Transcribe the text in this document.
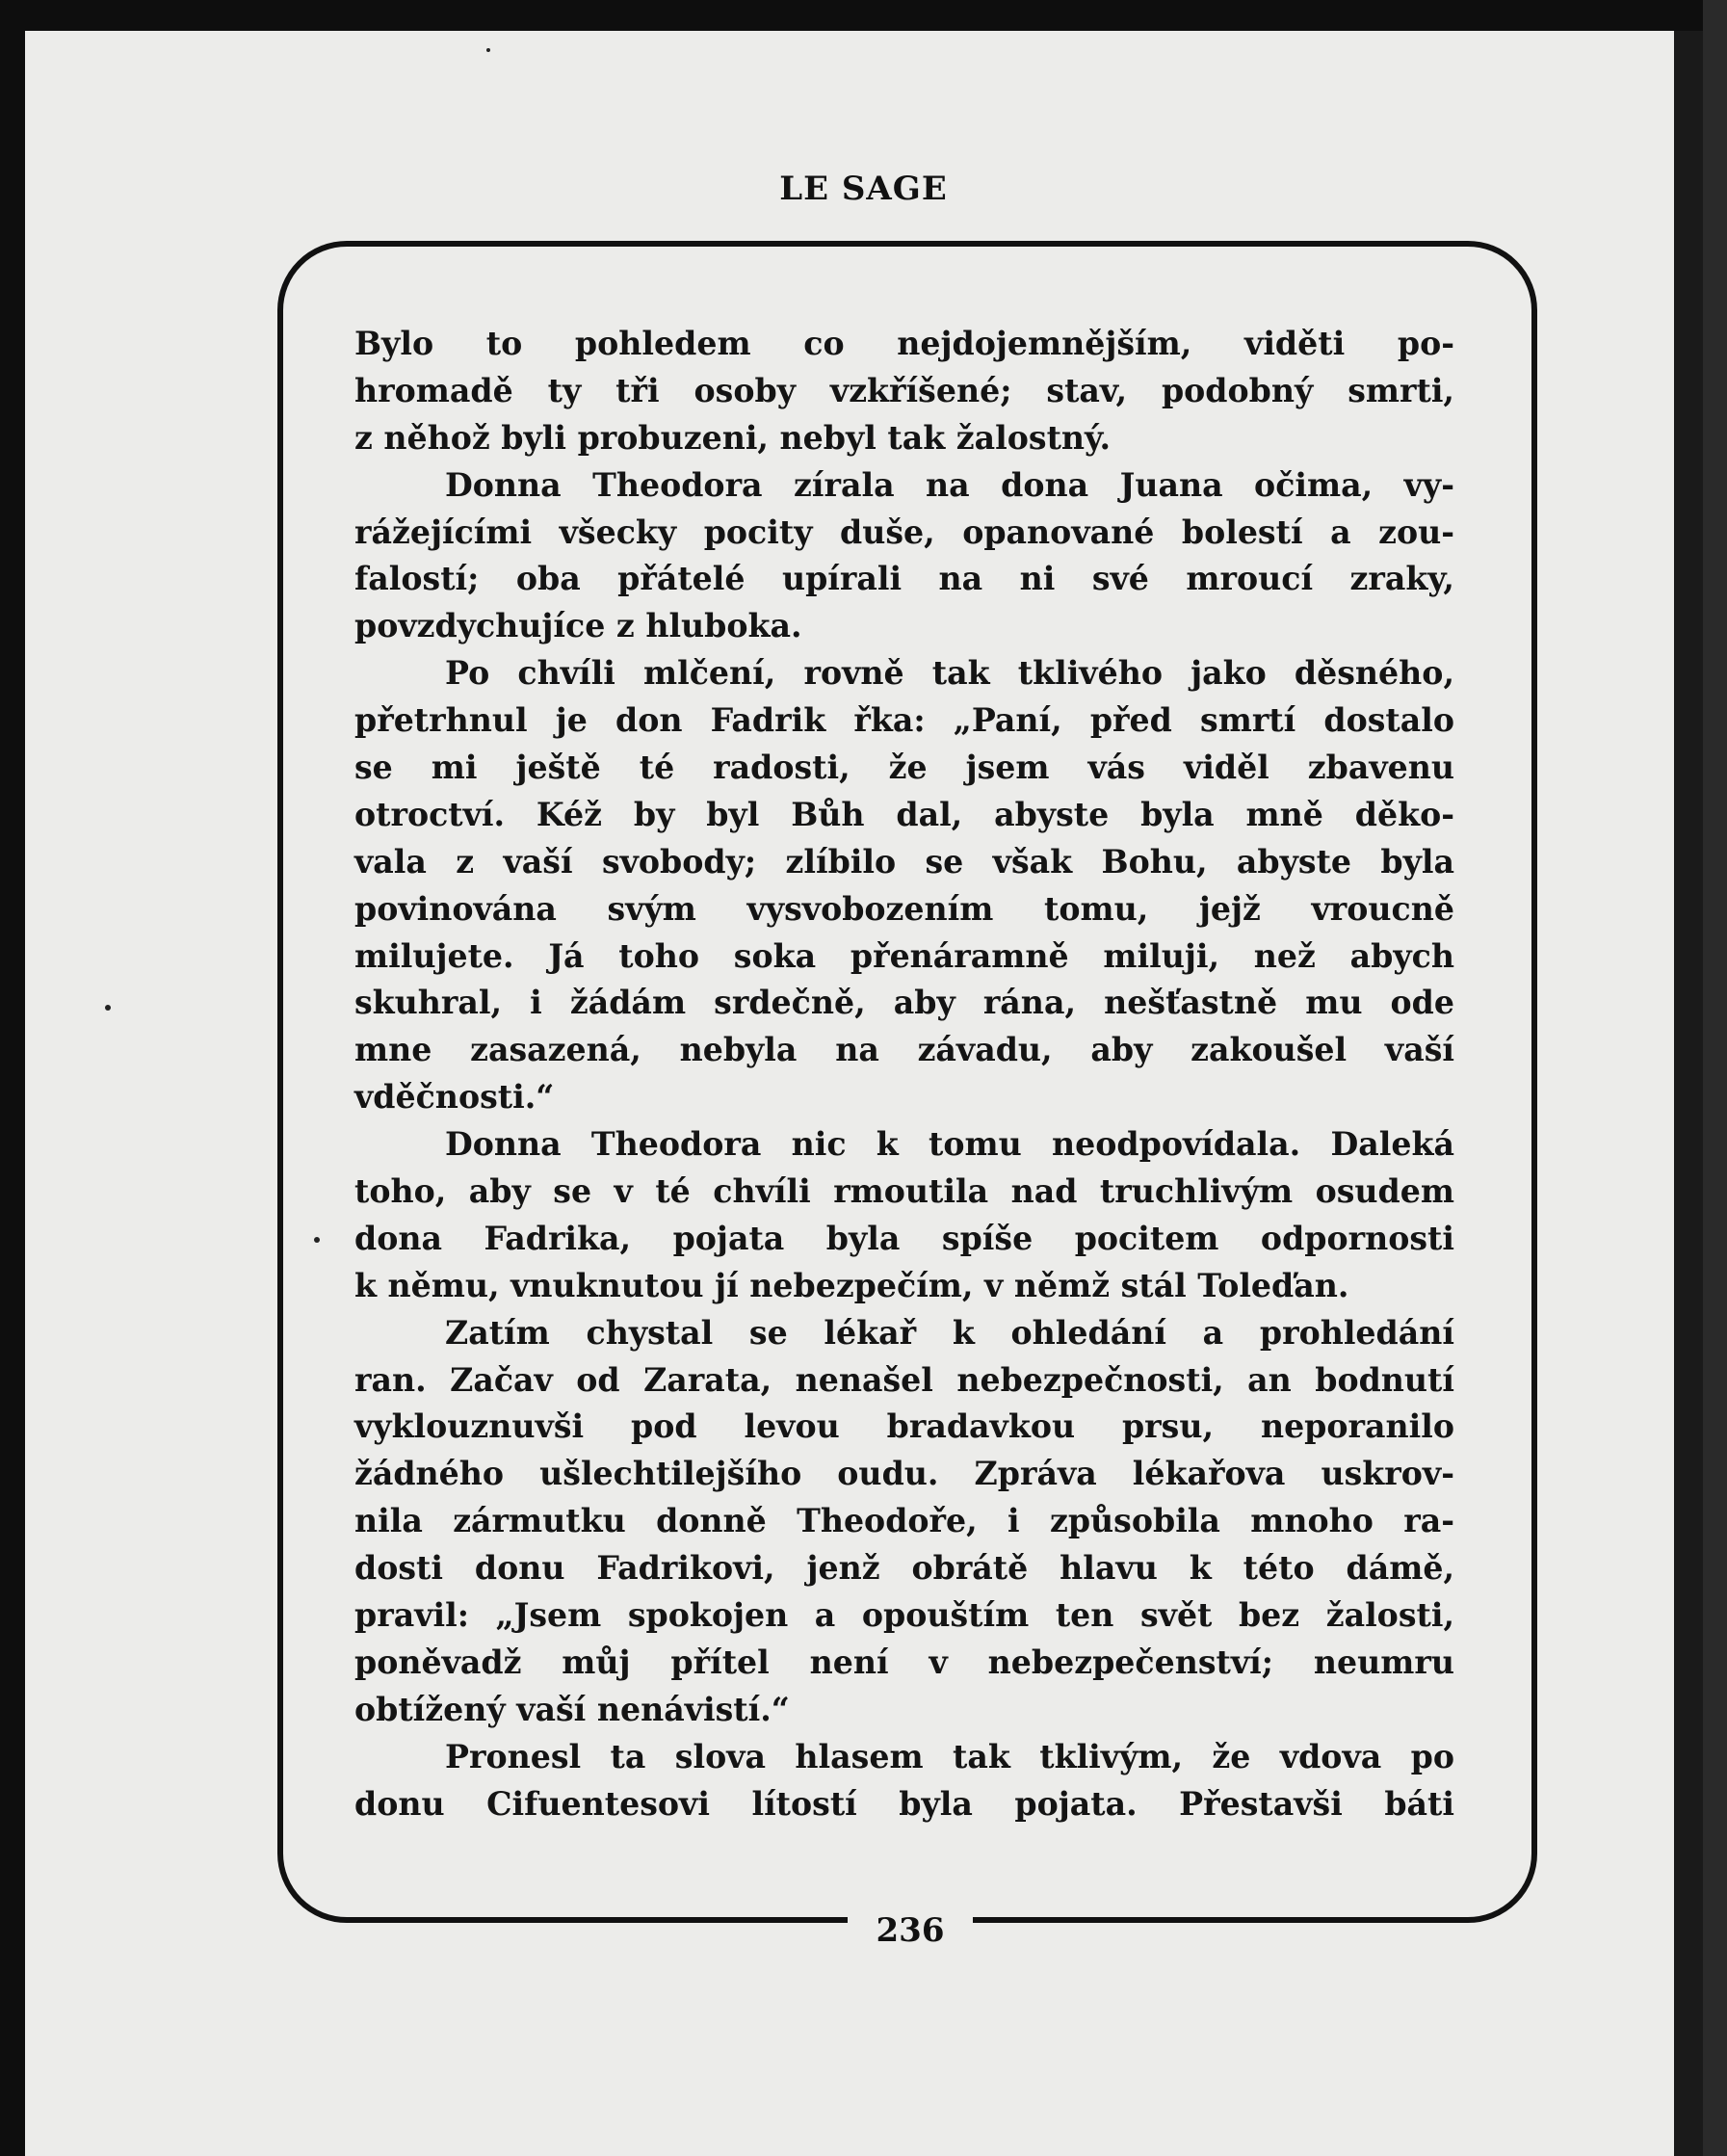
LE SAGE
236
Bylo to pohledem co nejdojemnějším, viděti po-
hromadě ty tři osoby vzkříšené; stav, podobný smrti,
z něhož byli probuzeni, nebyl tak žalostný.
Donna Theodora zírala na dona Juana očima, vy-
rážejícími všecky pocity duše, opanované bolestí a zou-
falostí; oba přátelé upírali na ni své mroucí zraky,
povzdychujíce z hluboka.
Po chvíli mlčení, rovně tak tklivého jako děsného,
přetrhnul je don Fadrik řka: „Paní, před smrtí dostalo
se mi ještě té radosti, že jsem vás viděl zbavenu
otroctví. Kéž by byl Bůh dal, abyste byla mně děko-
vala z vaší svobody; zlíbilo se však Bohu, abyste byla
povinována svým vysvobozením tomu, jejž vroucně
milujete. Já toho soka přenáramně miluji, než abych
skuhral, i žádám srdečně, aby rána, nešťastně mu ode
mne zasazená, nebyla na závadu, aby zakoušel vaší
vděčnosti.“
Donna Theodora nic k tomu neodpovídala. Daleká
toho, aby se v té chvíli rmoutila nad truchlivým osudem
dona Fadrika, pojata byla spíše pocitem odpornosti
k němu, vnuknutou jí nebezpečím, v němž stál Toleďan.
Zatím chystal se lékař k ohledání a prohledání
ran. Začav od Zarata, nenašel nebezpečnosti, an bodnutí
vyklouznuvši pod levou bradavkou prsu, neporanilo
žádného ušlechtilejšího oudu. Zpráva lékařova uskrov-
nila zármutku donně Theodoře, i způsobila mnoho ra-
dosti donu Fadrikovi, jenž obrátě hlavu k této dámě,
pravil: „Jsem spokojen a opouštím ten svět bez žalosti,
poněvadž můj přítel není v nebezpečenství; neumru
obtížený vaší nenávistí.“
Pronesl ta slova hlasem tak tklivým, že vdova po
donu Cifuentesovi lítostí byla pojata. Přestavši báti
